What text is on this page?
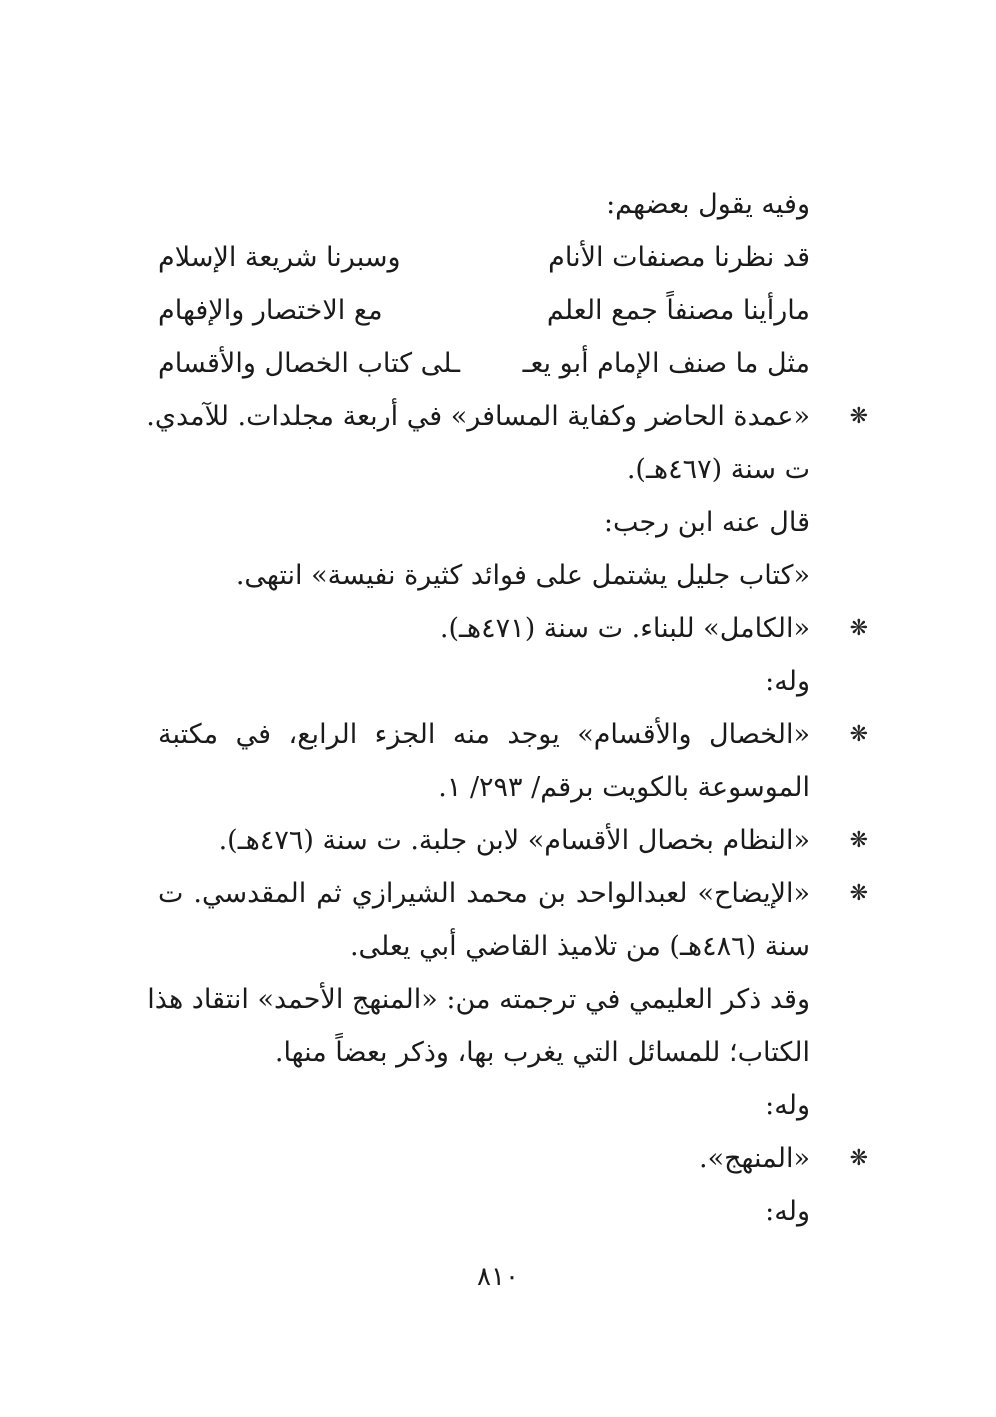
وفيه يقول بعضهم:
قد نظرنا مصنفات الأنام
وسبرنا شريعة الإسلام
مارأينا مصنفاً جمع العلم
مع الاختصار والإفهام
مثل ما صنف الإمام أبو يعـ
ـلى كتاب الخصال والأقسام
❋
«عمدة الحاضر وكفاية المسافر» في أربعة مجلدات. للآمدي.
ت سنة (٤٦٧هـ).
قال عنه ابن رجب:
«كتاب جليل يشتمل على فوائد كثيرة نفيسة» انتهى.
❋
«الكامل» للبناء. ت سنة (٤٧١هـ).
وله:
❋
«الخصال والأقسام» يوجد منه الجزء الرابع، في مكتبة
الموسوعة بالكويت برقم/ ٢٩٣/ ١.
❋
«النظام بخصال الأقسام» لابن جلبة. ت سنة (٤٧٦هـ).
❋
«الإيضاح» لعبدالواحد بن محمد الشيرازي ثم المقدسي. ت
سنة (٤٨٦هـ) من تلاميذ القاضي أبي يعلى.
وقد ذكر العليمي في ترجمته من: «المنهج الأحمد» انتقاد هذا
الكتاب؛ للمسائل التي يغرب بها، وذكر بعضاً منها.
وله:
❋
«المنهج».
وله:
٨١٠
